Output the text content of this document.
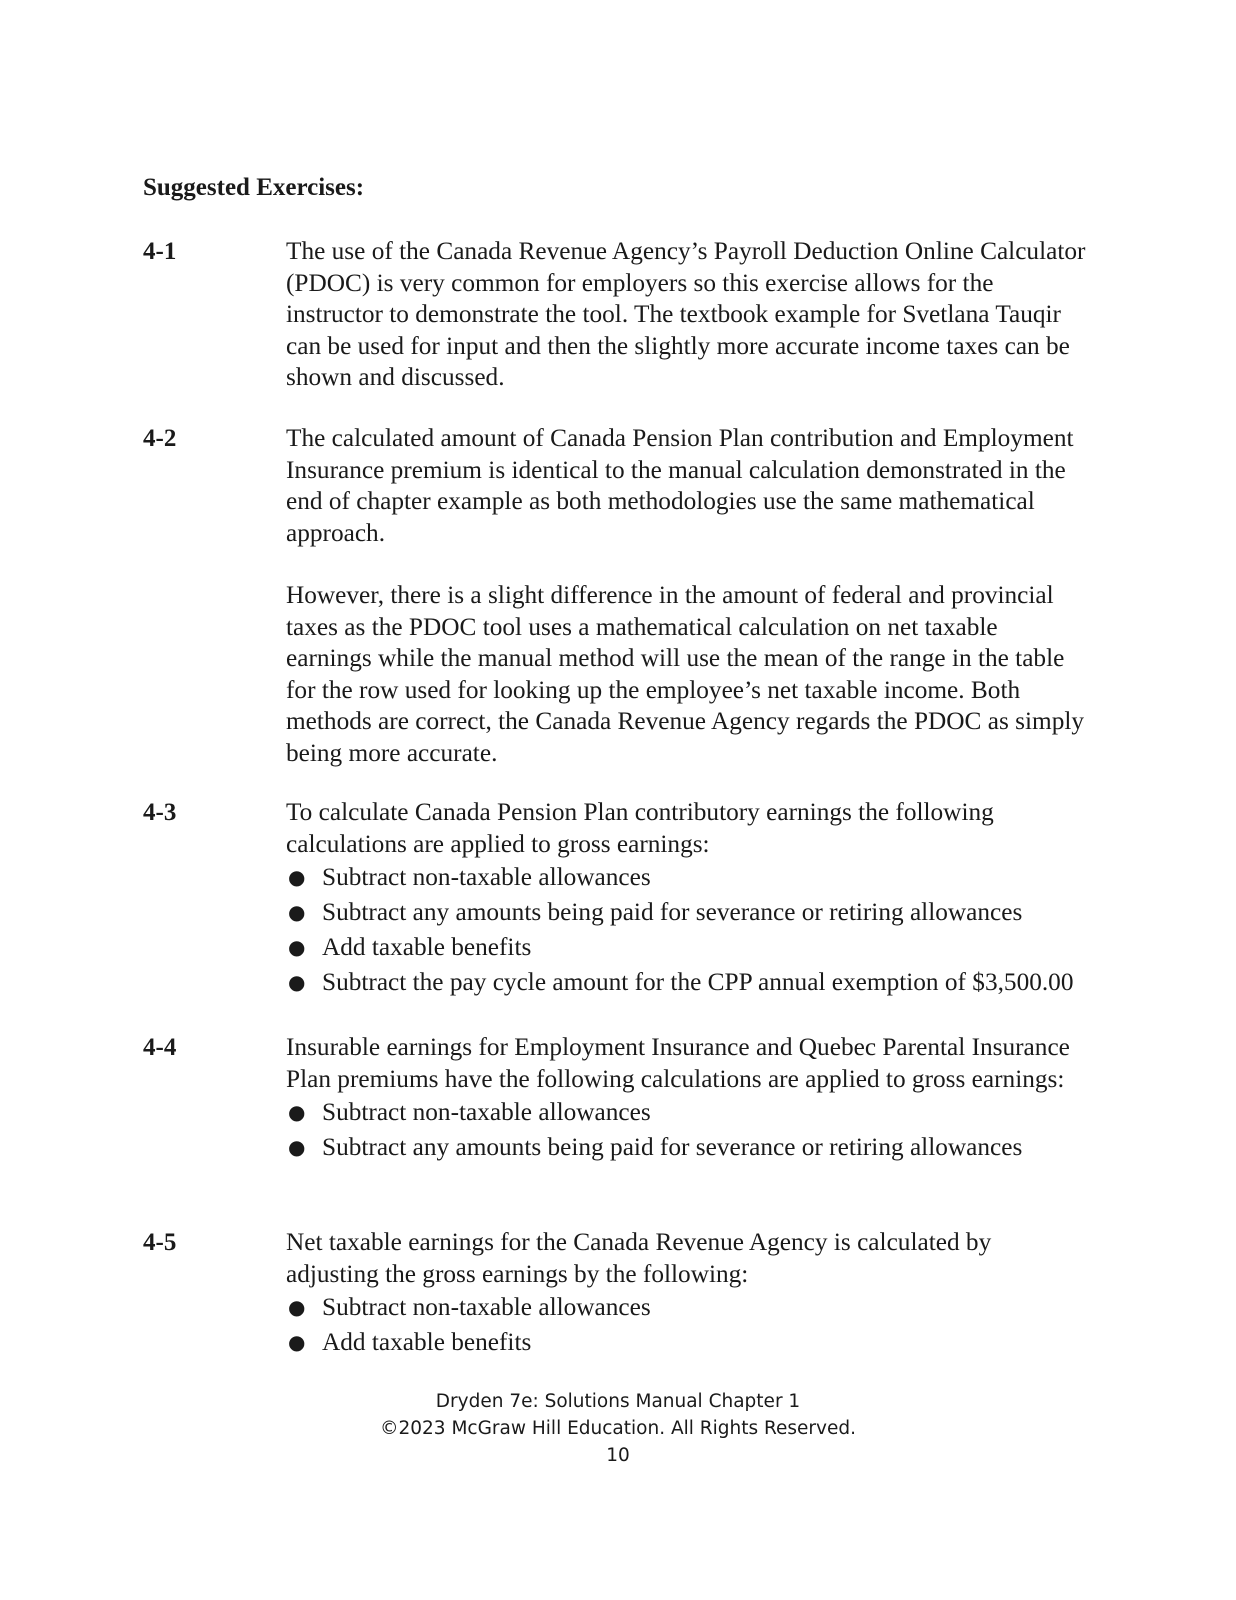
Suggested Exercises:
4-1	The use of the Canada Revenue Agency’s Payroll Deduction Online Calculator (PDOC) is very common for employers so this exercise allows for the instructor to demonstrate the tool. The textbook example for Svetlana Tauqir can be used for input and then the slightly more accurate income taxes can be shown and discussed.

4-2	The calculated amount of Canada Pension Plan contribution and Employment Insurance premium is identical to the manual calculation demonstrated in the end of chapter example as both methodologies use the same mathematical approach.

However, there is a slight difference in the amount of federal and provincial taxes as the PDOC tool uses a mathematical calculation on net taxable earnings while the manual method will use the mean of the range in the table for the row used for looking up the employee’s net taxable income. Both methods are correct, the Canada Revenue Agency regards the PDOC as simply being more accurate.

4-3	To calculate Canada Pension Plan contributory earnings the following calculations are applied to gross earnings:

● Subtract non-taxable allowances
● Subtract any amounts being paid for severance or retiring allowances
● Add taxable benefits
● Subtract the pay cycle amount for the CPP annual exemption of $3,500.00
4-4	Insurable earnings for Employment Insurance and Quebec Parental Insurance Plan premiums have the following calculations are applied to gross earnings:

● Subtract non-taxable allowances
● Subtract any amounts being paid for severance or retiring allowances
4-5	Net taxable earnings for the Canada Revenue Agency is calculated by adjusting the gross earnings by the following:

● Subtract non-taxable allowances
● Add taxable benefits
Dryden 7e: Solutions Manual Chapter 1
©2023 McGraw Hill Education. All Rights Reserved.
10
